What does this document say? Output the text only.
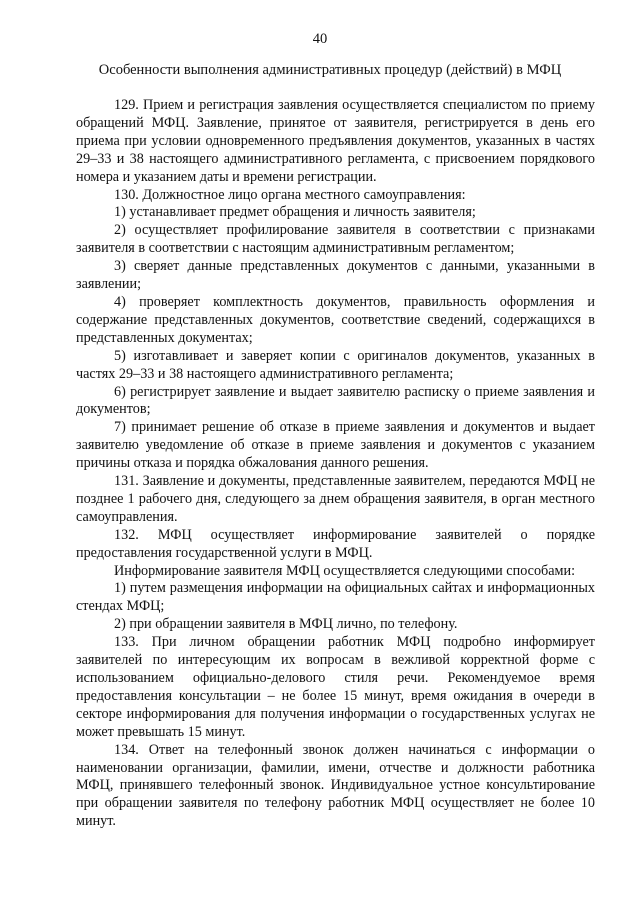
40
Особенности выполнения административных процедур (действий) в МФЦ

129. Прием и регистрация заявления осуществляется специалистом по приему обращений МФЦ. Заявление, принятое от заявителя, регистрируется в день его приема при условии одновременного предъявления документов, указанных в частях 29–33 и 38 настоящего административного регламента, с присвоением порядкового номера и указанием даты и времени регистрации.

130. Должностное лицо органа местного самоуправления:

1) устанавливает предмет обращения и личность заявителя;

2) осуществляет профилирование заявителя в соответствии с признаками заявителя в соответствии с настоящим административным регламентом;

3) сверяет данные представленных документов с данными, указанными в заявлении;

4) проверяет комплектность документов, правильность оформления и содержание представленных документов, соответствие сведений, содержащихся в представленных документах;

5) изготавливает и заверяет копии с оригиналов документов, указанных в частях 29–33 и 38 настоящего административного регламента;

6) регистрирует заявление и выдает заявителю расписку о приеме заявления и документов;

7) принимает решение об отказе в приеме заявления и документов и выдает заявителю уведомление об отказе в приеме заявления и документов с указанием причины отказа и порядка обжалования данного решения.

131. Заявление и документы, представленные заявителем, передаются МФЦ не позднее 1 рабочего дня, следующего за днем обращения заявителя, в орган местного самоуправления.

132. МФЦ осуществляет информирование заявителей о порядке предоставления государственной услуги в МФЦ.

Информирование заявителя МФЦ осуществляется следующими способами:

1) путем размещения информации на официальных сайтах и информационных стендах МФЦ;

2) при обращении заявителя в МФЦ лично, по телефону.

133. При личном обращении работник МФЦ подробно информирует заявителей по интересующим их вопросам в вежливой корректной форме с использованием официально-делового стиля речи. Рекомендуемое время предоставления консультации – не более 15 минут, время ожидания в очереди в секторе информирования для получения информации о государственных услугах не может превышать 15 минут.

134. Ответ на телефонный звонок должен начинаться с информации о наименовании организации, фамилии, имени, отчестве и должности работника МФЦ, принявшего телефонный звонок. Индивидуальное устное консультирование при обращении заявителя по телефону работник МФЦ осуществляет не более 10 минут.
